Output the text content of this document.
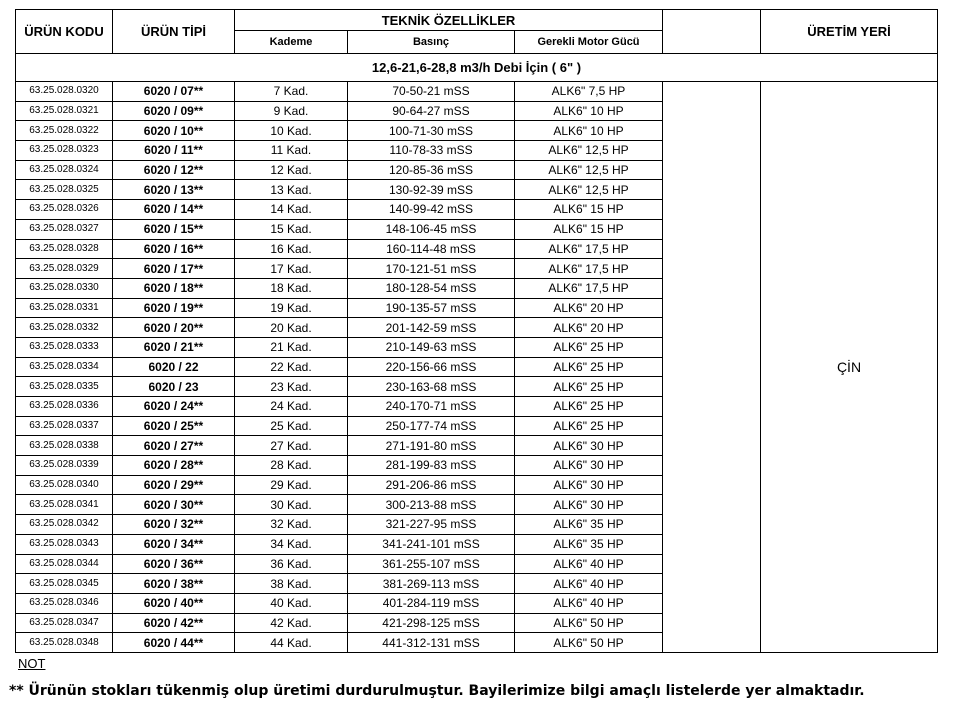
ÜRÜN KODU	ÜRÜN TİPİ	TEKNİK ÖZELLİKLER				ÜRETİM YERİ
		Kademe	Basınç	Gerekli Motor Gücü		
12,6-21,6-28,8 m3/h Debi İçin ( 6" )						
63.25.028.0320	6020 / 07**	7 Kad.	70-50-21 mSS	ALK6" 7,5 HP		ÇİN
63.25.028.0321	6020 / 09**	9 Kad.	90-64-27 mSS	ALK6" 10 HP		
63.25.028.0322	6020 / 10**	10 Kad.	100-71-30 mSS	ALK6" 10 HP		
63.25.028.0323	6020 / 11**	11 Kad.	110-78-33 mSS	ALK6" 12,5 HP		
63.25.028.0324	6020 / 12**	12 Kad.	120-85-36 mSS	ALK6" 12,5 HP		
63.25.028.0325	6020 / 13**	13 Kad.	130-92-39 mSS	ALK6" 12,5 HP		
63.25.028.0326	6020 / 14**	14 Kad.	140-99-42 mSS	ALK6" 15 HP		
63.25.028.0327	6020 / 15**	15 Kad.	148-106-45 mSS	ALK6" 15 HP		
63.25.028.0328	6020 / 16**	16 Kad.	160-114-48 mSS	ALK6" 17,5 HP		
63.25.028.0329	6020 / 17**	17 Kad.	170-121-51 mSS	ALK6" 17,5 HP		
63.25.028.0330	6020 / 18**	18 Kad.	180-128-54 mSS	ALK6" 17,5 HP		
63.25.028.0331	6020 / 19**	19 Kad.	190-135-57 mSS	ALK6" 20 HP		
63.25.028.0332	6020 / 20**	20 Kad.	201-142-59 mSS	ALK6" 20 HP		
63.25.028.0333	6020 / 21**	21 Kad.	210-149-63 mSS	ALK6" 25 HP		
63.25.028.0334	6020 / 22	22 Kad.	220-156-66 mSS	ALK6" 25 HP		
63.25.028.0335	6020 / 23	23 Kad.	230-163-68 mSS	ALK6" 25 HP		
63.25.028.0336	6020 / 24**	24 Kad.	240-170-71 mSS	ALK6" 25 HP		
63.25.028.0337	6020 / 25**	25 Kad.	250-177-74 mSS	ALK6" 25 HP		
63.25.028.0338	6020 / 27**	27 Kad.	271-191-80 mSS	ALK6" 30 HP		
63.25.028.0339	6020 / 28**	28 Kad.	281-199-83 mSS	ALK6" 30 HP		
63.25.028.0340	6020 / 29**	29 Kad.	291-206-86 mSS	ALK6" 30 HP		
63.25.028.0341	6020 / 30**	30 Kad.	300-213-88 mSS	ALK6" 30 HP		
63.25.028.0342	6020 / 32**	32 Kad.	321-227-95 mSS	ALK6" 35 HP		
63.25.028.0343	6020 / 34**	34 Kad.	341-241-101 mSS	ALK6" 35 HP		
63.25.028.0344	6020 / 36**	36 Kad.	361-255-107 mSS	ALK6" 40 HP		
63.25.028.0345	6020 / 38**	38 Kad.	381-269-113 mSS	ALK6" 40 HP		
63.25.028.0346	6020 / 40**	40 Kad.	401-284-119 mSS	ALK6" 40 HP		
63.25.028.0347	6020 / 42**	42 Kad.	421-298-125 mSS	ALK6" 50 HP		
63.25.028.0348	6020 / 44**	44 Kad.	441-312-131 mSS	ALK6" 50 HP		
NOT
** Ürünün stokları tükenmiş olup üretimi durdurulmuştur. Bayilerimize bilgi amaçlı listelerde yer almaktadır.
